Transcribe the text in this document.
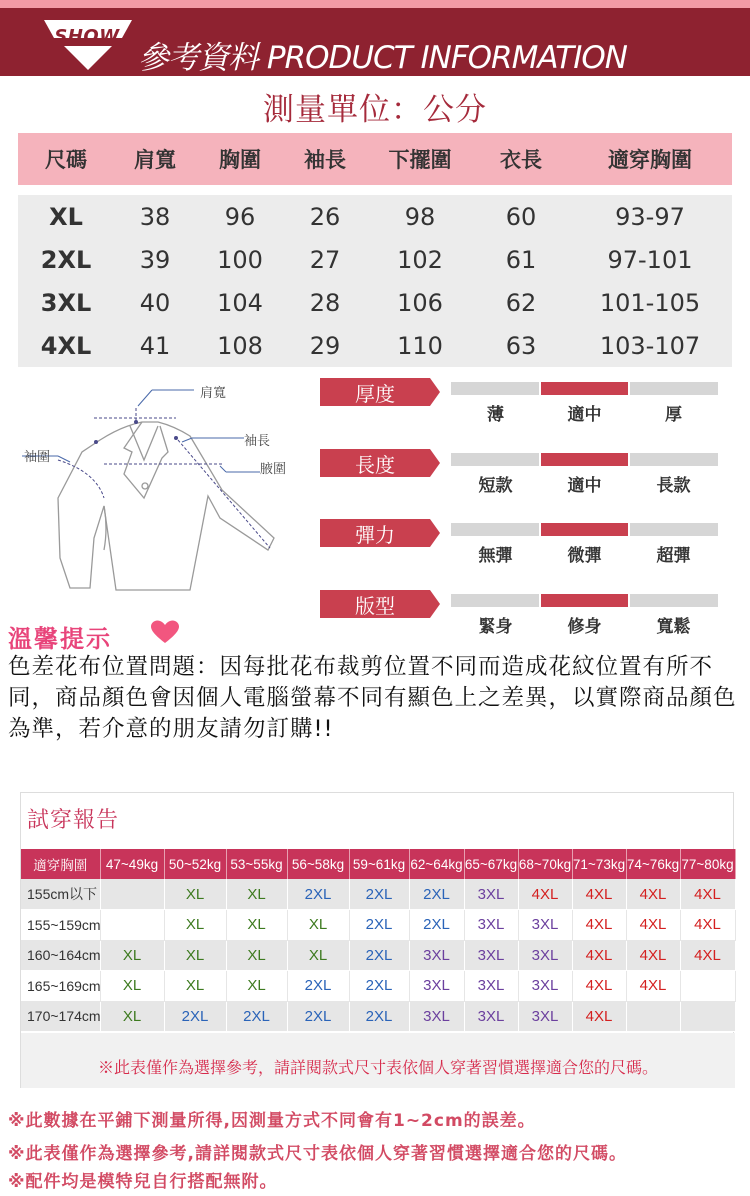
SHOW
參考資料 PRODUCT INFORMATION
測量單位：公分
尺碼	肩寬	胸圍	袖長	下擺圍	衣長	適穿胸圍

XL	38	96	26	98	60	93-97
2XL	39	100	27	102	61	97-101
3XL	40	104	28	106	62	101-105
4XL	41	108	29	110	63	103-107
肩寬
袖長
袖圍
腋圍
厚度
薄	適中	厚
長度
短款	適中	長款
彈力
無彈	微彈	超彈
版型
緊身	修身	寬鬆
溫馨提示
色差花布位置問題：因每批花布裁剪位置不同而造成花紋位置有所不同，商品顏色會因個人電腦螢幕不同有顯色上之差異，以實際商品顏色為準，若介意的朋友請勿訂購!!
試穿報告
適穿胸圍	47~49kg	50~52kg	53~55kg	56~58kg	59~61kg	62~64kg	65~67kg	68~70kg	71~73kg	74~76kg	77~80kg
155cm以下		XL	XL	2XL	2XL	2XL	3XL	4XL	4XL	4XL	4XL
155~159cm		XL	XL	XL	2XL	2XL	3XL	3XL	4XL	4XL	4XL
160~164cm	XL	XL	XL	XL	2XL	3XL	3XL	3XL	4XL	4XL	4XL
165~169cm	XL	XL	XL	2XL	2XL	3XL	3XL	3XL	4XL	4XL	
170~174cm	XL	2XL	2XL	2XL	2XL	3XL	3XL	3XL	4XL		
※此表僅作為選擇參考，請詳閱款式尺寸表依個人穿著習慣選擇適合您的尺碼。
※此數據在平鋪下測量所得,因測量方式不同會有1~2cm的誤差。
※此表僅作為選擇參考,請詳閱款式尺寸表依個人穿著習慣選擇適合您的尺碼。
※配件均是模特兒自行搭配無附。
